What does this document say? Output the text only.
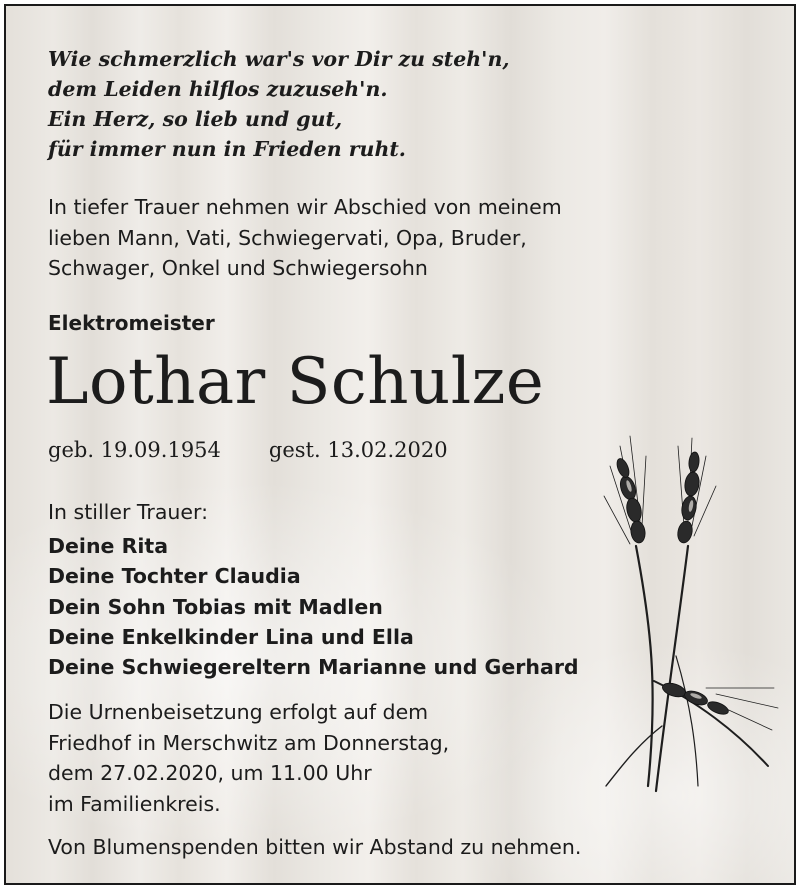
Wie schmerzlich war's vor Dir zu steh'n,
dem Leiden hilflos zuzuseh'n.
Ein Herz, so lieb und gut,
für immer nun in Frieden ruht.
In tiefer Trauer nehmen wir Abschied von meinem
lieben Mann, Vati, Schwiegervati, Opa, Bruder,
Schwager, Onkel und Schwiegersohn
Elektromeister
Lothar Schulze
geb. 19.09.1954 gest. 13.02.2020
In stiller Trauer:
Deine Rita
Deine Tochter Claudia
Dein Sohn Tobias mit Madlen
Deine Enkelkinder Lina und Ella
Deine Schwiegereltern Marianne und Gerhard
Die Urnenbeisetzung erfolgt auf dem
Friedhof in Merschwitz am Donnerstag,
dem 27.02.2020, um 11.00 Uhr
im Familienkreis.
Von Blumenspenden bitten wir Abstand zu nehmen.
